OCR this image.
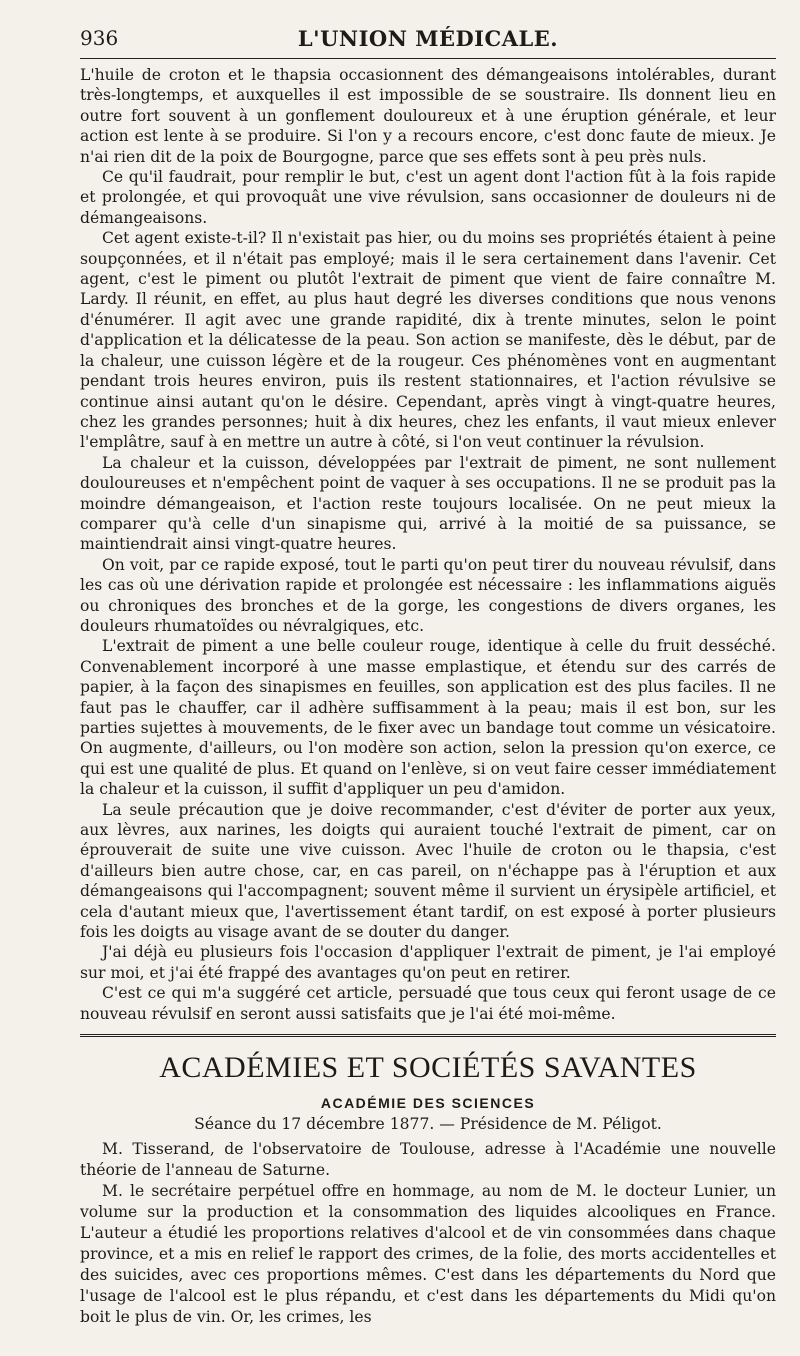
936	L'UNION MÉDICALE.

L'huile de croton et le thapsia occasionnent des démangeaisons intolérables, durant très-longtemps, et auxquelles il est impossible de se soustraire. Ils donnent lieu en outre fort souvent à un gonflement douloureux et à une éruption générale, et leur action est lente à se produire. Si l'on y a recours encore, c'est donc faute de mieux. Je n'ai rien dit de la poix de Bourgogne, parce que ses effets sont à peu près nuls.

Ce qu'il faudrait, pour remplir le but, c'est un agent dont l'action fût à la fois rapide et prolongée, et qui provoquât une vive révulsion, sans occasionner de douleurs ni de démangeaisons.

Cet agent existe-t-il? Il n'existait pas hier, ou du moins ses propriétés étaient à peine soupçonnées, et il n'était pas employé; mais il le sera certainement dans l'avenir. Cet agent, c'est le piment ou plutôt l'extrait de piment que vient de faire connaître M. Lardy. Il réunit, en effet, au plus haut degré les diverses conditions que nous venons d'énumérer. Il agit avec une grande rapidité, dix à trente minutes, selon le point d'application et la délicatesse de la peau. Son action se manifeste, dès le début, par de la chaleur, une cuisson légère et de la rougeur. Ces phénomènes vont en augmentant pendant trois heures environ, puis ils restent stationnaires, et l'action révulsive se continue ainsi autant qu'on le désire. Cependant, après vingt à vingt-quatre heures, chez les grandes personnes; huit à dix heures, chez les enfants, il vaut mieux enlever l'emplâtre, sauf à en mettre un autre à côté, si l'on veut continuer la révulsion.

La chaleur et la cuisson, développées par l'extrait de piment, ne sont nullement douloureuses et n'empêchent point de vaquer à ses occupations. Il ne se produit pas la moindre démangeaison, et l'action reste toujours localisée. On ne peut mieux la comparer qu'à celle d'un sinapisme qui, arrivé à la moitié de sa puissance, se maintiendrait ainsi vingt-quatre heures.

On voit, par ce rapide exposé, tout le parti qu'on peut tirer du nouveau révulsif, dans les cas où une dérivation rapide et prolongée est nécessaire : les inflammations aiguës ou chroniques des bronches et de la gorge, les congestions de divers organes, les douleurs rhumatoïdes ou névralgiques, etc.

L'extrait de piment a une belle couleur rouge, identique à celle du fruit desséché. Convenablement incorporé à une masse emplastique, et étendu sur des carrés de papier, à la façon des sinapismes en feuilles, son application est des plus faciles. Il ne faut pas le chauffer, car il adhère suffisamment à la peau; mais il est bon, sur les parties sujettes à mouvements, de le fixer avec un bandage tout comme un vésicatoire. On augmente, d'ailleurs, ou l'on modère son action, selon la pression qu'on exerce, ce qui est une qualité de plus. Et quand on l'enlève, si on veut faire cesser immédiatement la chaleur et la cuisson, il suffit d'appliquer un peu d'amidon.

La seule précaution que je doive recommander, c'est d'éviter de porter aux yeux, aux lèvres, aux narines, les doigts qui auraient touché l'extrait de piment, car on éprouverait de suite une vive cuisson. Avec l'huile de croton ou le thapsia, c'est d'ailleurs bien autre chose, car, en cas pareil, on n'échappe pas à l'éruption et aux démangeaisons qui l'accompagnent; souvent même il survient un érysipèle artificiel, et cela d'autant mieux que, l'avertissement étant tardif, on est exposé à porter plusieurs fois les doigts au visage avant de se douter du danger.

J'ai déjà eu plusieurs fois l'occasion d'appliquer l'extrait de piment, je l'ai employé sur moi, et j'ai été frappé des avantages qu'on peut en retirer.

C'est ce qui m'a suggéré cet article, persuadé que tous ceux qui feront usage de ce nouveau révulsif en seront aussi satisfaits que je l'ai été moi-même.

ACADÉMIES ET SOCIÉTÉS SAVANTES
ACADÉMIE DES SCIENCES
Séance du 17 décembre 1877. — Présidence de M. Péligot.

M. Tisserand, de l'observatoire de Toulouse, adresse à l'Académie une nouvelle théorie de l'anneau de Saturne.

M. le secrétaire perpétuel offre en hommage, au nom de M. le docteur Lunier, un volume sur la production et la consommation des liquides alcooliques en France. L'auteur a étudié les proportions relatives d'alcool et de vin consommées dans chaque province, et a mis en relief le rapport des crimes, de la folie, des morts accidentelles et des suicides, avec ces proportions mêmes. C'est dans les départements du Nord que l'usage de l'alcool est le plus répandu, et c'est dans les départements du Midi qu'on boit le plus de vin. Or, les crimes, les
